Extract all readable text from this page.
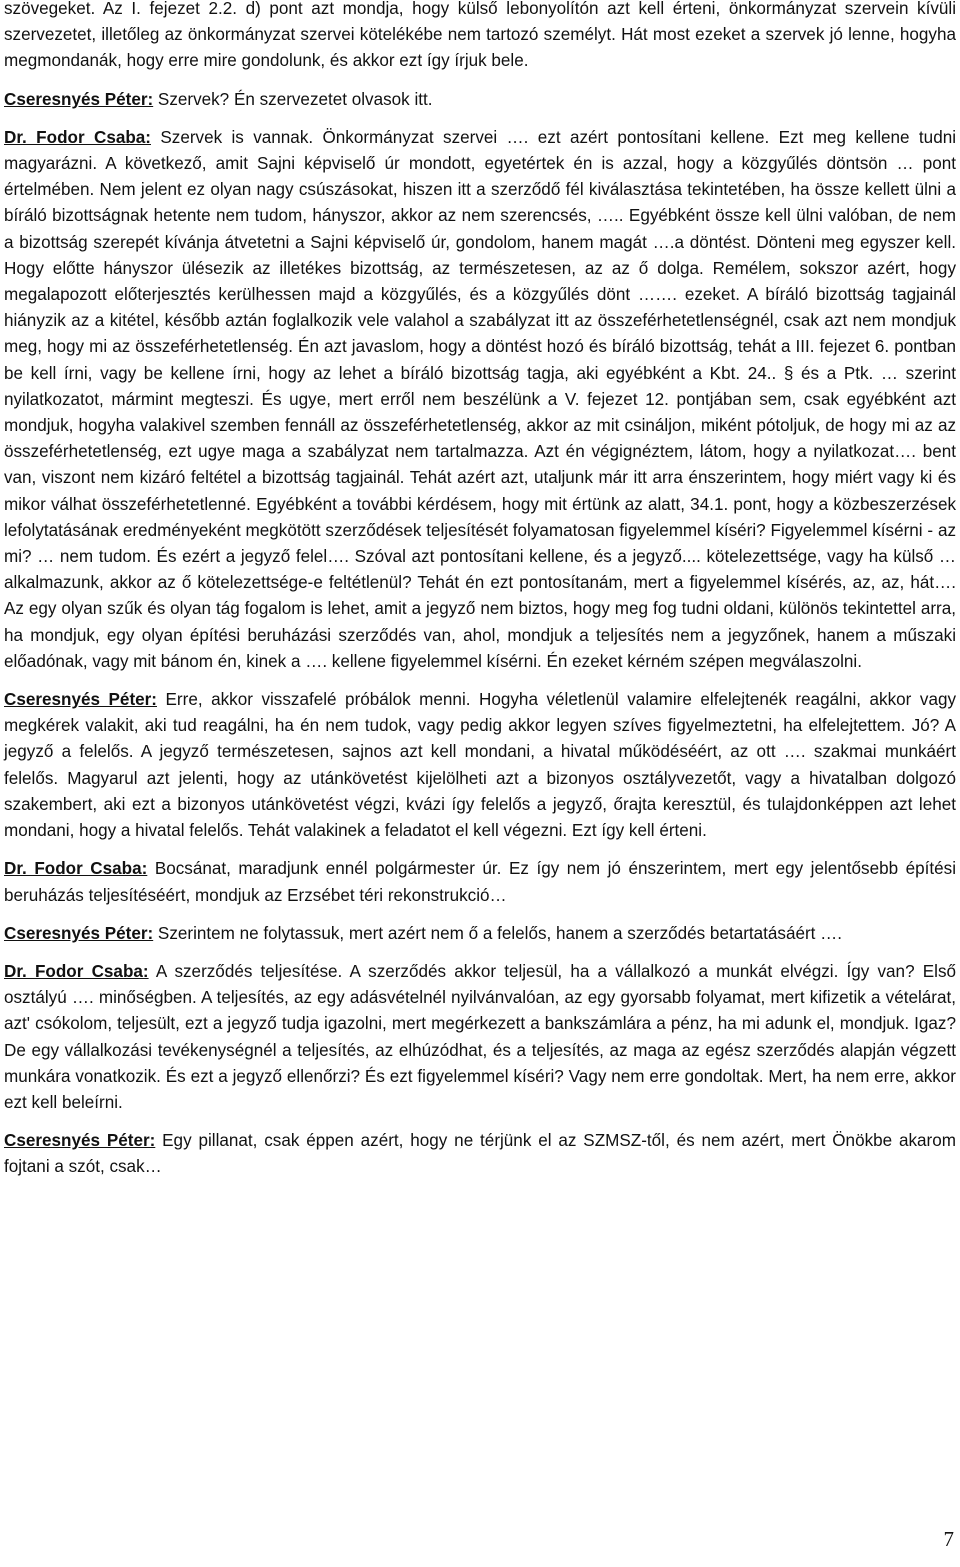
szövegeket. Az I. fejezet 2.2. d) pont azt mondja, hogy külső lebonyolítón azt kell érteni, önkormányzat szervein kívüli szervezetet, illetőleg az önkormányzat szervei kötelékébe nem tartozó személyt. Hát most ezeket a szervek jó lenne, hogyha megmondanák, hogy erre mire gondolunk, és akkor ezt így írjuk bele.

Cseresnyés Péter: Szervek? Én szervezetet olvasok itt.

Dr. Fodor Csaba: Szervek is vannak. Önkormányzat szervei …. ezt azért pontosítani kellene. Ezt meg kellene tudni magyarázni. A következő, amit Sajni képviselő úr mondott, egyetértek én is azzal, hogy a közgyűlés döntsön … pont értelmében. Nem jelent ez olyan nagy csúszásokat, hiszen itt a szerződő fél kiválasztása tekintetében, ha össze kellett ülni a bíráló bizottságnak hetente nem tudom, hányszor, akkor az nem szerencsés, ….. Egyébként össze kell ülni valóban, de nem a bizottság szerepét kívánja átvetetni a Sajni képviselő úr, gondolom, hanem magát ….a döntést. Dönteni meg egyszer kell. Hogy előtte hányszor ülésezik az illetékes bizottság, az természetesen, az az ő dolga. Remélem, sokszor azért, hogy megalapozott előterjesztés kerülhessen majd a közgyűlés, és a közgyűlés dönt ……. ezeket. A bíráló bizottság tagjainál hiányzik az a kitétel, később aztán foglalkozik vele valahol a szabályzat itt az összeférhetetlenségnél, csak azt nem mondjuk meg, hogy mi az összeférhetetlenség. Én azt javaslom, hogy a döntést hozó és bíráló bizottság, tehát a III. fejezet 6. pontban be kell írni, vagy be kellene írni, hogy az lehet a bíráló bizottság tagja, aki egyébként a Kbt. 24.. § és a Ptk. … szerint nyilatkozatot, mármint megteszi. És ugye, mert erről nem beszélünk a V. fejezet 12. pontjában sem, csak egyébként azt mondjuk, hogyha valakivel szemben fennáll az összeférhetetlenség, akkor az mit csináljon, miként pótoljuk, de hogy mi az az összeférhetetlenség, ezt ugye maga a szabályzat nem tartalmazza. Azt én végignéztem, látom, hogy a nyilatkozat…. bent van, viszont nem kizáró feltétel a bizottság tagjainál. Tehát azért azt, utaljunk már itt arra énszerintem, hogy miért vagy ki és mikor válhat összeférhetetlenné. Egyébként a további kérdésem, hogy mit értünk az alatt, 34.1. pont, hogy a közbeszerzések lefolytatásának eredményeként megkötött szerződések teljesítését folyamatosan figyelemmel kíséri? Figyelemmel kísérni - az mi? … nem tudom. És ezért a jegyző felel…. Szóval azt pontosítani kellene, és a jegyző.... kötelezettsége, vagy ha külső … alkalmazunk, akkor az ő kötelezettsége-e feltétlenül? Tehát én ezt pontosítanám, mert a figyelemmel kísérés, az, az, hát…. Az egy olyan szűk és olyan tág fogalom is lehet, amit a jegyző nem biztos, hogy meg fog tudni oldani, különös tekintettel arra, ha mondjuk, egy olyan építési beruházási szerződés van, ahol, mondjuk a teljesítés nem a jegyzőnek, hanem a műszaki előadónak, vagy mit bánom én, kinek a …. kellene figyelemmel kísérni. Én ezeket kérném szépen megválaszolni.

Cseresnyés Péter: Erre, akkor visszafelé próbálok menni. Hogyha véletlenül valamire elfelejtenék reagálni, akkor vagy megkérek valakit, aki tud reagálni, ha én nem tudok, vagy pedig akkor legyen szíves figyelmeztetni, ha elfelejtettem. Jó? A jegyző a felelős. A jegyző természetesen, sajnos azt kell mondani, a hivatal működéséért, az ott …. szakmai munkáért felelős. Magyarul azt jelenti, hogy az utánkövetést kijelölheti azt a bizonyos osztályvezetőt, vagy a hivatalban dolgozó szakembert, aki ezt a bizonyos utánkövetést végzi, kvázi így felelős a jegyző, őrajta keresztül, és tulajdonképpen azt lehet mondani, hogy a hivatal felelős. Tehát valakinek a feladatot el kell végezni. Ezt így kell érteni.

Dr. Fodor Csaba: Bocsánat, maradjunk ennél polgármester úr. Ez így nem jó énszerintem, mert egy jelentősebb építési beruházás teljesítéséért, mondjuk az Erzsébet téri rekonstrukció…

Cseresnyés Péter: Szerintem ne folytassuk, mert azért nem ő a felelős, hanem a szerződés betartatásáért ….

Dr. Fodor Csaba: A szerződés teljesítése. A szerződés akkor teljesül, ha a vállalkozó a munkát elvégzi. Így van? Első osztályú …. minőségben. A teljesítés, az egy adásvételnél nyilvánvalóan, az egy gyorsabb folyamat, mert kifizetik a vételárat, azt' csókolom, teljesült, ezt a jegyző tudja igazolni, mert megérkezett a bankszámlára a pénz, ha mi adunk el, mondjuk. Igaz? De egy vállalkozási tevékenységnél a teljesítés, az elhúzódhat, és a teljesítés, az maga az egész szerződés alapján végzett munkára vonatkozik. És ezt a jegyző ellenőrzi? És ezt figyelemmel kíséri? Vagy nem erre gondoltak. Mert, ha nem erre, akkor ezt kell beleírni.

Cseresnyés Péter: Egy pillanat, csak éppen azért, hogy ne térjünk el az SZMSZ-től, és nem azért, mert Önökbe akarom fojtani a szót, csak…

7
